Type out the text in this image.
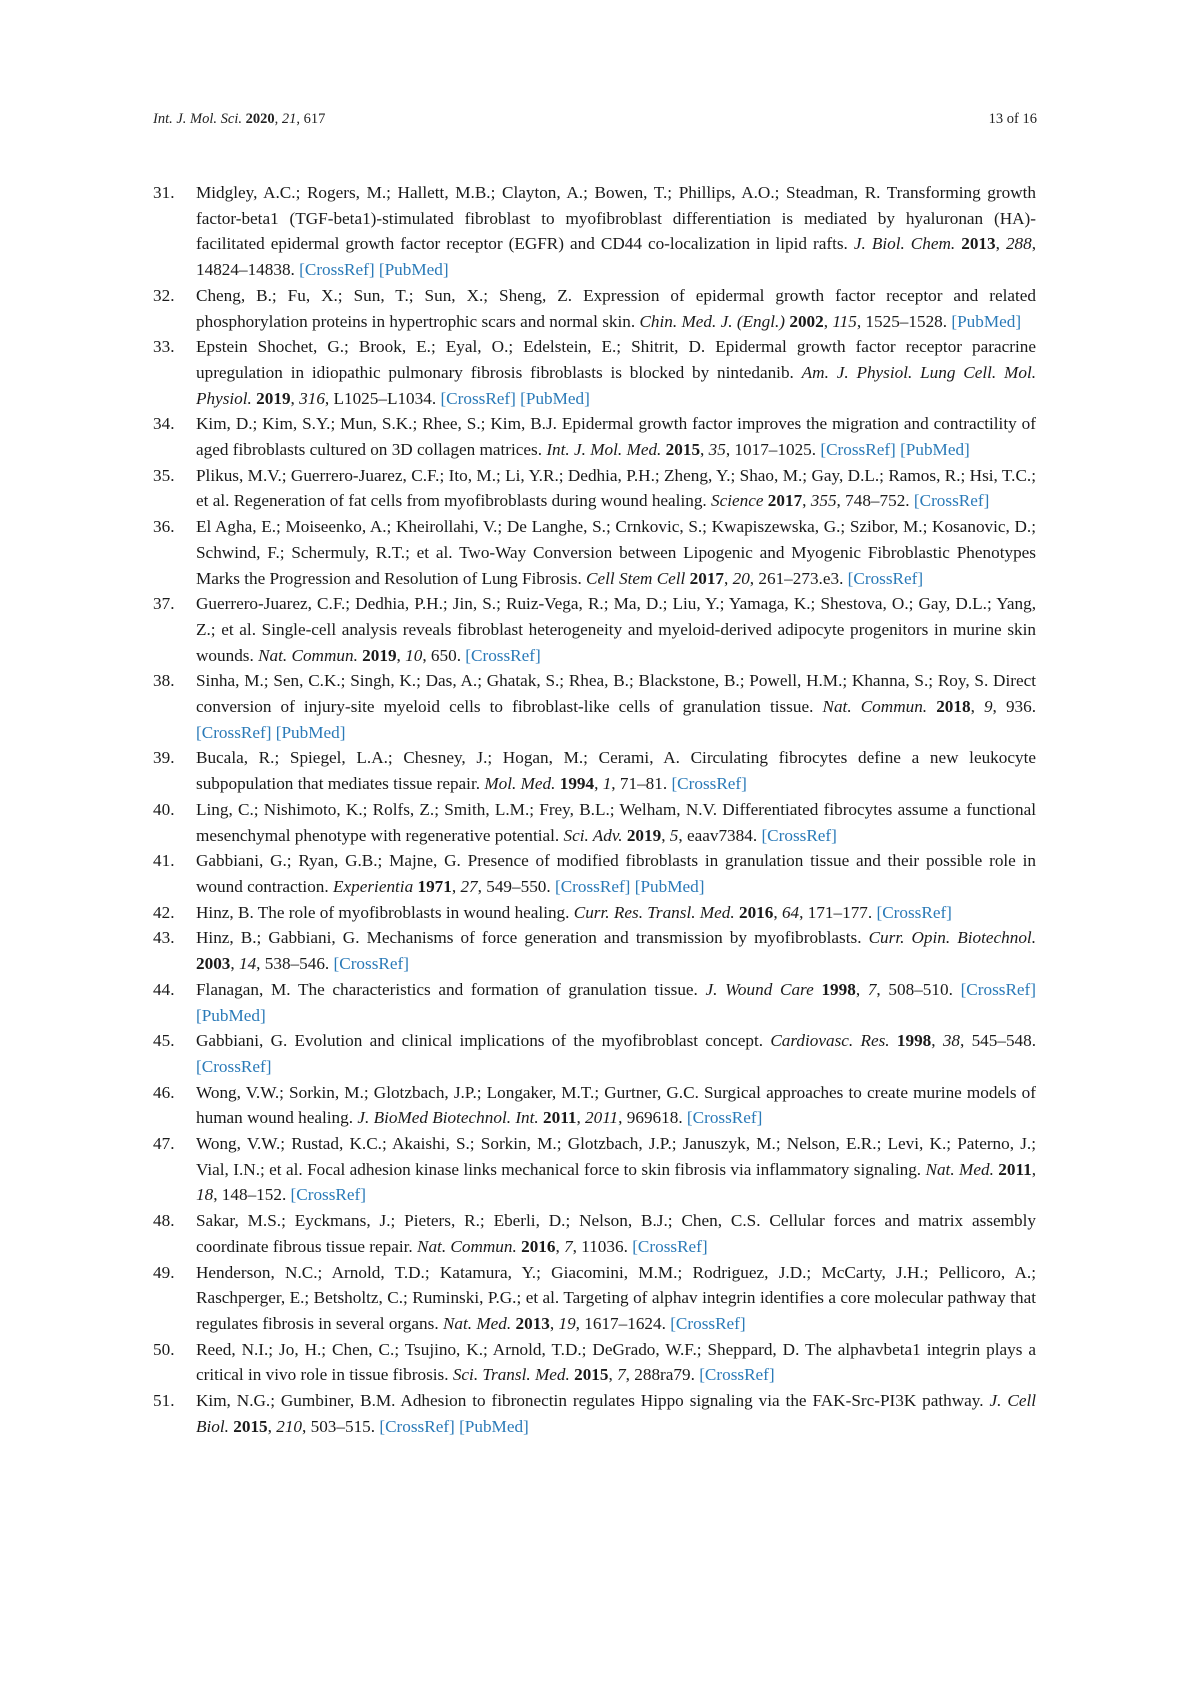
Int. J. Mol. Sci. 2020, 21, 617	13 of 16
31. Midgley, A.C.; Rogers, M.; Hallett, M.B.; Clayton, A.; Bowen, T.; Phillips, A.O.; Steadman, R. Transforming growth factor-beta1 (TGF-beta1)-stimulated fibroblast to myofibroblast differentiation is mediated by hyaluronan (HA)-facilitated epidermal growth factor receptor (EGFR) and CD44 co-localization in lipid rafts. J. Biol. Chem. 2013, 288, 14824–14838. [CrossRef] [PubMed]
32. Cheng, B.; Fu, X.; Sun, T.; Sun, X.; Sheng, Z. Expression of epidermal growth factor receptor and related phosphorylation proteins in hypertrophic scars and normal skin. Chin. Med. J. (Engl.) 2002, 115, 1525–1528. [PubMed]
33. Epstein Shochet, G.; Brook, E.; Eyal, O.; Edelstein, E.; Shitrit, D. Epidermal growth factor receptor paracrine upregulation in idiopathic pulmonary fibrosis fibroblasts is blocked by nintedanib. Am. J. Physiol. Lung Cell. Mol. Physiol. 2019, 316, L1025–L1034. [CrossRef] [PubMed]
34. Kim, D.; Kim, S.Y.; Mun, S.K.; Rhee, S.; Kim, B.J. Epidermal growth factor improves the migration and contractility of aged fibroblasts cultured on 3D collagen matrices. Int. J. Mol. Med. 2015, 35, 1017–1025. [CrossRef] [PubMed]
35. Plikus, M.V.; Guerrero-Juarez, C.F.; Ito, M.; Li, Y.R.; Dedhia, P.H.; Zheng, Y.; Shao, M.; Gay, D.L.; Ramos, R.; Hsi, T.C.; et al. Regeneration of fat cells from myofibroblasts during wound healing. Science 2017, 355, 748–752. [CrossRef]
36. El Agha, E.; Moiseenko, A.; Kheirollahi, V.; De Langhe, S.; Crnkovic, S.; Kwapiszewska, G.; Szibor, M.; Kosanovic, D.; Schwind, F.; Schermuly, R.T.; et al. Two-Way Conversion between Lipogenic and Myogenic Fibroblastic Phenotypes Marks the Progression and Resolution of Lung Fibrosis. Cell Stem Cell 2017, 20, 261–273.e3. [CrossRef]
37. Guerrero-Juarez, C.F.; Dedhia, P.H.; Jin, S.; Ruiz-Vega, R.; Ma, D.; Liu, Y.; Yamaga, K.; Shestova, O.; Gay, D.L.; Yang, Z.; et al. Single-cell analysis reveals fibroblast heterogeneity and myeloid-derived adipocyte progenitors in murine skin wounds. Nat. Commun. 2019, 10, 650. [CrossRef]
38. Sinha, M.; Sen, C.K.; Singh, K.; Das, A.; Ghatak, S.; Rhea, B.; Blackstone, B.; Powell, H.M.; Khanna, S.; Roy, S. Direct conversion of injury-site myeloid cells to fibroblast-like cells of granulation tissue. Nat. Commun. 2018, 9, 936. [CrossRef] [PubMed]
39. Bucala, R.; Spiegel, L.A.; Chesney, J.; Hogan, M.; Cerami, A. Circulating fibrocytes define a new leukocyte subpopulation that mediates tissue repair. Mol. Med. 1994, 1, 71–81. [CrossRef]
40. Ling, C.; Nishimoto, K.; Rolfs, Z.; Smith, L.M.; Frey, B.L.; Welham, N.V. Differentiated fibrocytes assume a functional mesenchymal phenotype with regenerative potential. Sci. Adv. 2019, 5, eaav7384. [CrossRef]
41. Gabbiani, G.; Ryan, G.B.; Majne, G. Presence of modified fibroblasts in granulation tissue and their possible role in wound contraction. Experientia 1971, 27, 549–550. [CrossRef] [PubMed]
42. Hinz, B. The role of myofibroblasts in wound healing. Curr. Res. Transl. Med. 2016, 64, 171–177. [CrossRef]
43. Hinz, B.; Gabbiani, G. Mechanisms of force generation and transmission by myofibroblasts. Curr. Opin. Biotechnol. 2003, 14, 538–546. [CrossRef]
44. Flanagan, M. The characteristics and formation of granulation tissue. J. Wound Care 1998, 7, 508–510. [CrossRef] [PubMed]
45. Gabbiani, G. Evolution and clinical implications of the myofibroblast concept. Cardiovasc. Res. 1998, 38, 545–548. [CrossRef]
46. Wong, V.W.; Sorkin, M.; Glotzbach, J.P.; Longaker, M.T.; Gurtner, G.C. Surgical approaches to create murine models of human wound healing. J. BioMed Biotechnol. Int. 2011, 2011, 969618. [CrossRef]
47. Wong, V.W.; Rustad, K.C.; Akaishi, S.; Sorkin, M.; Glotzbach, J.P.; Januszyk, M.; Nelson, E.R.; Levi, K.; Paterno, J.; Vial, I.N.; et al. Focal adhesion kinase links mechanical force to skin fibrosis via inflammatory signaling. Nat. Med. 2011, 18, 148–152. [CrossRef]
48. Sakar, M.S.; Eyckmans, J.; Pieters, R.; Eberli, D.; Nelson, B.J.; Chen, C.S. Cellular forces and matrix assembly coordinate fibrous tissue repair. Nat. Commun. 2016, 7, 11036. [CrossRef]
49. Henderson, N.C.; Arnold, T.D.; Katamura, Y.; Giacomini, M.M.; Rodriguez, J.D.; McCarty, J.H.; Pellicoro, A.; Raschperger, E.; Betsholtz, C.; Ruminski, P.G.; et al. Targeting of alphav integrin identifies a core molecular pathway that regulates fibrosis in several organs. Nat. Med. 2013, 19, 1617–1624. [CrossRef]
50. Reed, N.I.; Jo, H.; Chen, C.; Tsujino, K.; Arnold, T.D.; DeGrado, W.F.; Sheppard, D. The alphavbeta1 integrin plays a critical in vivo role in tissue fibrosis. Sci. Transl. Med. 2015, 7, 288ra79. [CrossRef]
51. Kim, N.G.; Gumbiner, B.M. Adhesion to fibronectin regulates Hippo signaling via the FAK-Src-PI3K pathway. J. Cell Biol. 2015, 210, 503–515. [CrossRef] [PubMed]
